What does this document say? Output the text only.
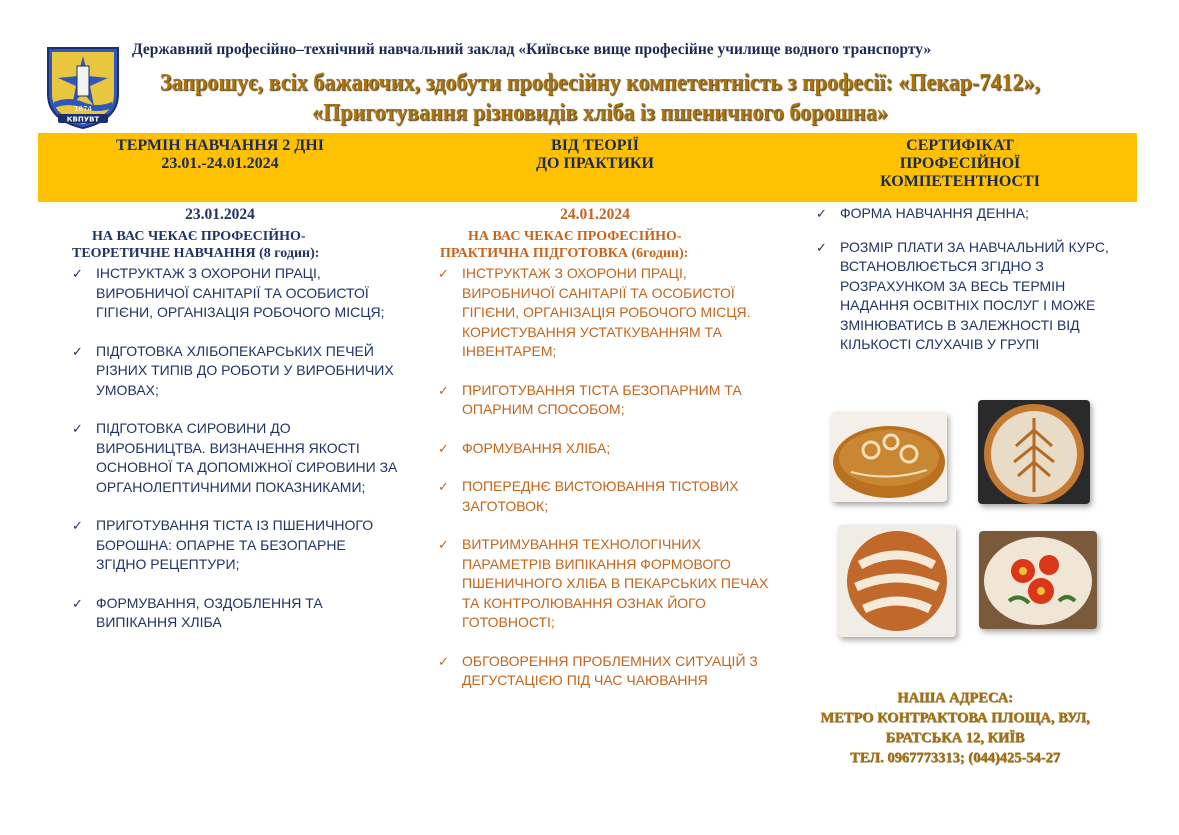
1874
КВПУВТ
Державний професійно–технічний навчальний заклад «Київське вище професійне училище водного транспорту»
Запрошує, всіх бажаючих, здобути професійну компетентність з професії: «Пекар-7412»,
«Приготування різновидів хліба із пшеничного борошна»
ТЕРМІН НАВЧАННЯ 2 ДНІ
23.01.-24.01.2024
ВІД ТЕОРІЇ
ДО ПРАКТИКИ
СЕРТИФІКАТ
ПРОФЕСІЙНОЇ
КОМПЕТЕНТНОСТІ
23.01.2024
НА ВАС ЧЕКАЄ ПРОФЕСІЙНО-
ТЕОРЕТИЧНЕ НАВЧАННЯ (8 годин):
✓ ІНСТРУКТАЖ З ОХОРОНИ ПРАЦІ, ВИРОБНИЧОЇ САНІТАРІЇ ТА ОСОБИСТОЇ ГІГІЄНИ, ОРГАНІЗАЦІЯ РОБОЧОГО МІСЦЯ;
✓ ПІДГОТОВКА ХЛІБОПЕКАРСЬКИХ ПЕЧЕЙ РІЗНИХ ТИПІВ ДО РОБОТИ У ВИРОБНИЧИХ УМОВАХ;
✓ ПІДГОТОВКА СИРОВИНИ ДО ВИРОБНИЦТВА. ВИЗНАЧЕННЯ ЯКОСТІ ОСНОВНОЇ ТА ДОПОМІЖНОЇ СИРОВИНИ ЗА ОРГАНОЛЕПТИЧНИМИ ПОКАЗНИКАМИ;
✓ ПРИГОТУВАННЯ ТІСТА ІЗ ПШЕНИЧНОГО БОРОШНА: ОПАРНЕ ТА БЕЗОПАРНЕ ЗГІДНО РЕЦЕПТУРИ;
✓ ФОРМУВАННЯ, ОЗДОБЛЕННЯ ТА ВИПІКАННЯ ХЛІБА
24.01.2024
НА ВАС ЧЕКАЄ ПРОФЕСІЙНО-
ПРАКТИЧНА ПІДГОТОВКА (6годин):
✓ ІНСТРУКТАЖ З ОХОРОНИ ПРАЦІ, ВИРОБНИЧОЇ САНІТАРІЇ ТА ОСОБИСТОЇ ГІГІЄНИ, ОРГАНІЗАЦІЯ РОБОЧОГО МІСЦЯ. КОРИСТУВАННЯ УСТАТКУВАННЯМ ТА ІНВЕНТАРЕМ;
✓ ПРИГОТУВАННЯ ТІСТА БЕЗОПАРНИМ ТА ОПАРНИМ СПОСОБОМ;
✓ ФОРМУВАННЯ ХЛІБА;
✓ ПОПЕРЕДНЄ ВИСТОЮВАННЯ ТІСТОВИХ ЗАГОТОВОК;
✓ ВИТРИМУВАННЯ ТЕХНОЛОГІЧНИХ ПАРАМЕТРІВ ВИПІКАННЯ ФОРМОВОГО ПШЕНИЧНОГО ХЛІБА В ПЕКАРСЬКИХ ПЕЧАХ ТА КОНТРОЛЮВАННЯ ОЗНАК ЙОГО ГОТОВНОСТІ;
✓ ОБГОВОРЕННЯ ПРОБЛЕМНИХ СИТУАЦІЙ З ДЕГУСТАЦІЄЮ ПІД ЧАС ЧАЮВАННЯ
✓ ФОРМА НАВЧАННЯ ДЕННА;
✓ РОЗМІР ПЛАТИ ЗА НАВЧАЛЬНИЙ КУРС, ВСТАНОВЛЮЄТЬСЯ ЗГІДНО З РОЗРАХУНКОМ ЗА ВЕСЬ ТЕРМІН НАДАННЯ ОСВІТНІХ ПОСЛУГ І МОЖЕ ЗМІНЮВАТИСЬ В ЗАЛЕЖНОСТІ ВІД КІЛЬКОСТІ СЛУХАЧІВ У ГРУПІ
НАША АДРЕСА:
МЕТРО КОНТРАКТОВА ПЛОЩА, ВУЛ,
БРАТСЬКА 12, КИЇВ
ТЕЛ. 0967773313; (044)425-54-27
